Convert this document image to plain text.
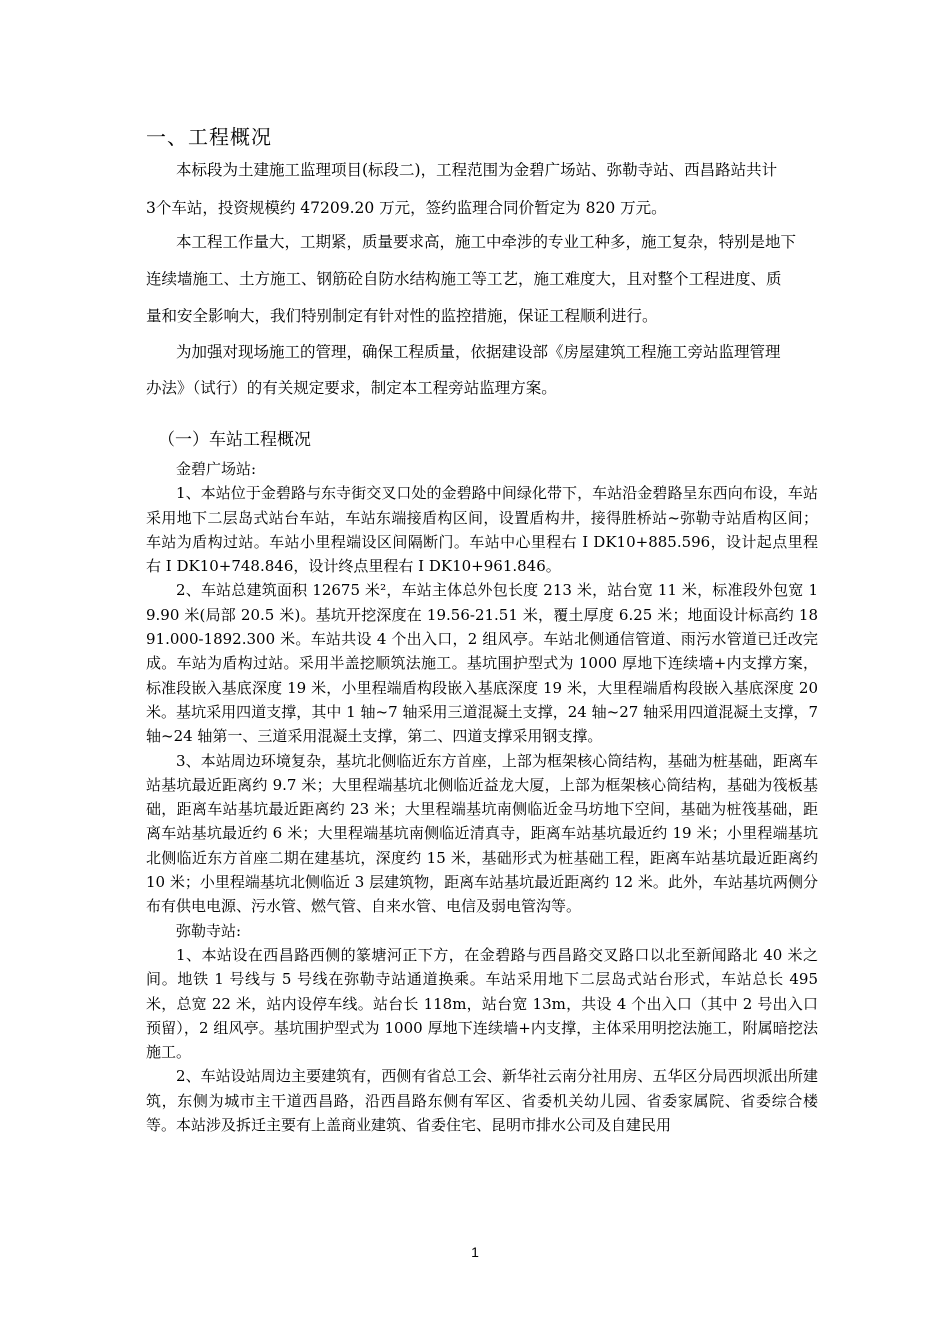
一、工程概况
本标段为土建施工监理项目(标段二)，工程范围为金碧广场站、弥勒寺站、西昌路站共计
3个车站，投资规模约 47209.20 万元，签约监理合同价暂定为 820 万元。
本工程工作量大，工期紧，质量要求高，施工中牵涉的专业工种多，施工复杂，特别是地下
连续墙施工、土方施工、钢筋砼自防水结构施工等工艺，施工难度大，且对整个工程进度、质
量和安全影响大，我们特别制定有针对性的监控措施，保证工程顺利进行。
为加强对现场施工的管理，确保工程质量，依据建设部《房屋建筑工程施工旁站监理管理
办法》（试行）的有关规定要求，制定本工程旁站监理方案。
（一）车站工程概况

金碧广场站:

1、本站位于金碧路与东寺街交叉口处的金碧路中间绿化带下，车站沿金碧路呈东西向布设，车站采用地下二层岛式站台车站，车站东端接盾构区间，设置盾构井，接得胜桥站~弥勒寺站盾构区间；车站为盾构过站。车站小里程端设区间隔断门。车站中心里程右 I DK10+885.596，设计起点里程右 I DK10+748.846，设计终点里程右 I DK10+961.846。

2、车站总建筑面积 12675 米²，车站主体总外包长度 213 米，站台宽 11 米，标准段外包宽 19.90 米(局部 20.5 米)。基坑开挖深度在 19.56-21.51 米，覆土厚度 6.25 米；地面设计标高约 1891.000-1892.300 米。车站共设 4 个出入口，2 组风亭。车站北侧通信管道、雨污水管道已迁改完成。车站为盾构过站。采用半盖挖顺筑法施工。基坑围护型式为 1000 厚地下连续墙+内支撑方案，标准段嵌入基底深度 19 米，小里程端盾构段嵌入基底深度 19 米，大里程端盾构段嵌入基底深度 20 米。基坑采用四道支撑，其中 1 轴~7 轴采用三道混凝土支撑，24 轴~27 轴采用四道混凝土支撑，7 轴~24 轴第一、三道采用混凝土支撑，第二、四道支撑采用钢支撑。

3、本站周边环境复杂，基坑北侧临近东方首座，上部为框架核心筒结构，基础为桩基础，距离车站基坑最近距离约 9.7 米；大里程端基坑北侧临近益龙大厦，上部为框架核心筒结构，基础为筏板基础，距离车站基坑最近距离约 23 米；大里程端基坑南侧临近金马坊地下空间，基础为桩筏基础，距离车站基坑最近约 6 米；大里程端基坑南侧临近清真寺，距离车站基坑最近约 19 米；小里程端基坑北侧临近东方首座二期在建基坑，深度约 15 米，基础形式为桩基础工程，距离车站基坑最近距离约 10 米；小里程端基坑北侧临近 3 层建筑物，距离车站基坑最近距离约 12 米。此外，车站基坑两侧分布有供电电源、污水管、燃气管、自来水管、电信及弱电管沟等。

弥勒寺站:

1、本站设在西昌路西侧的篆塘河正下方，在金碧路与西昌路交叉路口以北至新闻路北 40 米之间。地铁 1 号线与 5 号线在弥勒寺站通道换乘。车站采用地下二层岛式站台形式，车站总长 495 米，总宽 22 米，站内设停车线。站台长 118m，站台宽 13m，共设 4 个出入口（其中 2 号出入口预留），2 组风亭。基坑围护型式为 1000 厚地下连续墙+内支撑，主体采用明挖法施工，附属暗挖法施工。

2、车站设站周边主要建筑有，西侧有省总工会、新华社云南分社用房、五华区分局西坝派出所建筑，东侧为城市主干道西昌路，沿西昌路东侧有军区、省委机关幼儿园、省委家属院、省委综合楼等。本站涉及拆迁主要有上盖商业建筑、省委住宅、昆明市排水公司及自建民用

1
